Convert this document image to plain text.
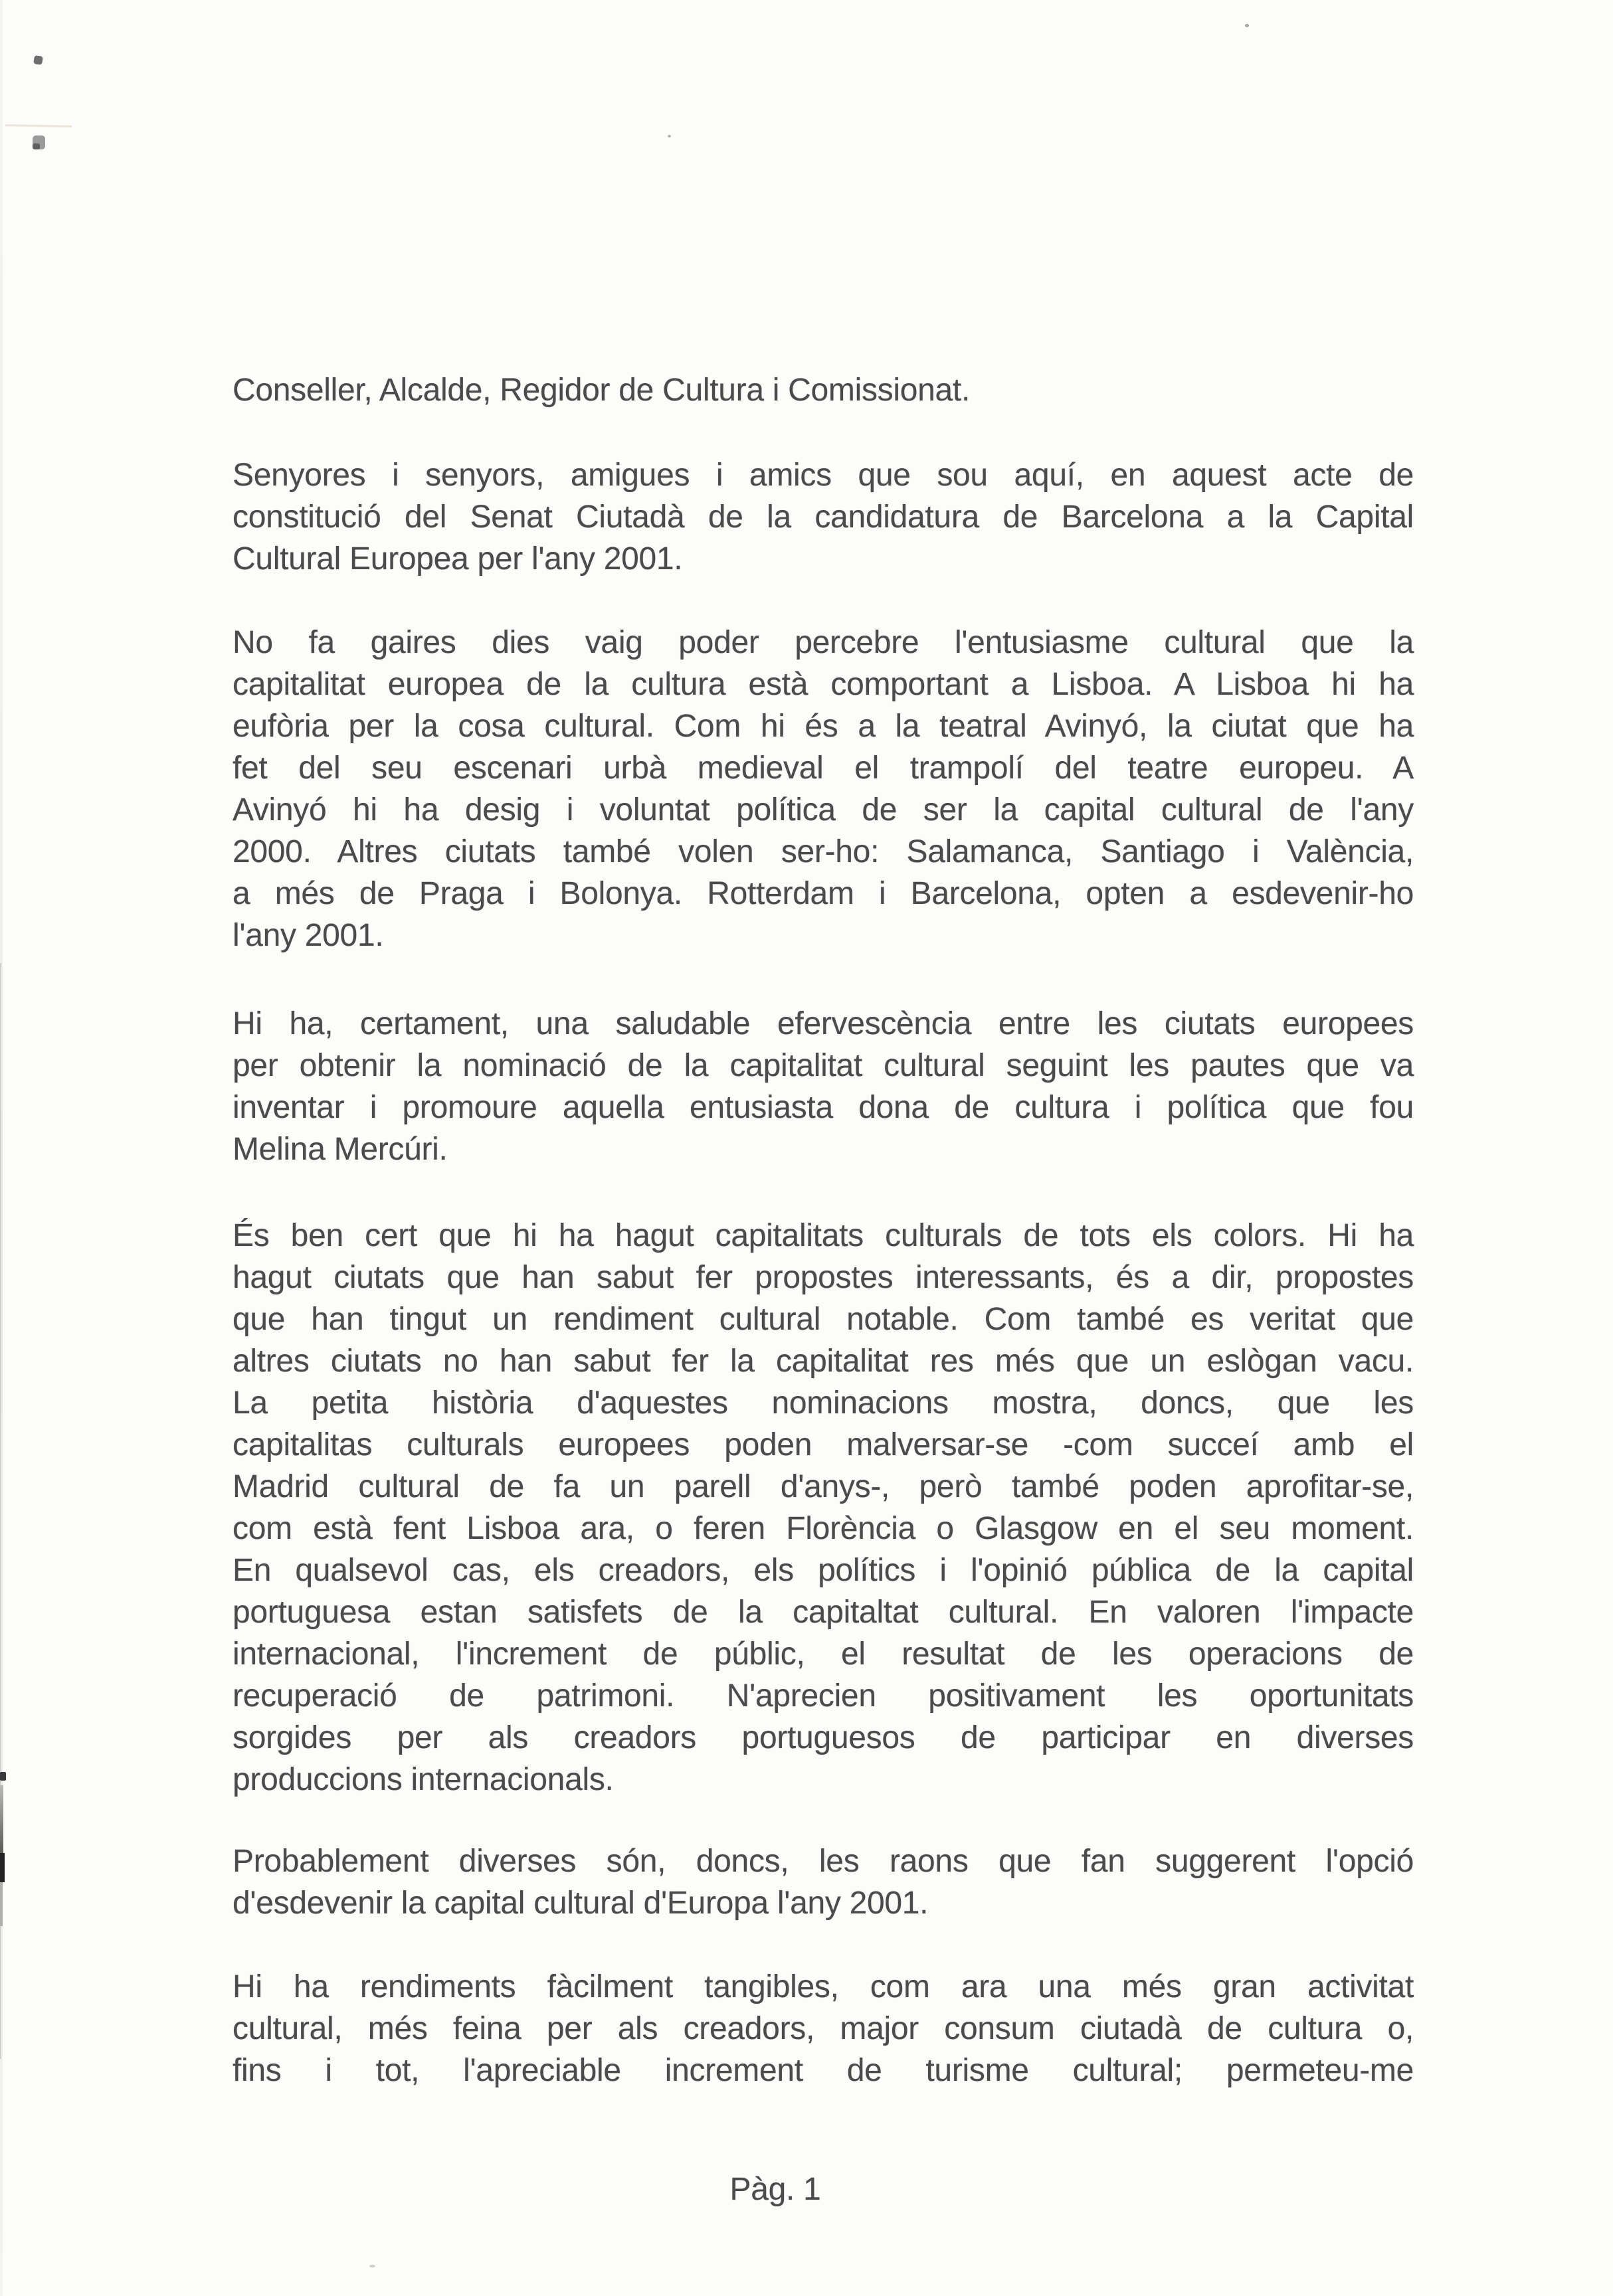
Conseller, Alcalde, Regidor de Cultura i Comissionat.
Senyores i senyors, amigues i amics que sou aquí, en aquest acte de
constitució del Senat Ciutadà de la candidatura de Barcelona a la Capital
Cultural Europea per l'any 2001.
No fa gaires dies vaig poder percebre l'entusiasme cultural que la
capitalitat europea de la cultura està comportant a Lisboa. A Lisboa hi ha
eufòria per la cosa cultural. Com hi és a la teatral Avinyó, la ciutat que ha
fet del seu escenari urbà medieval el trampolí del teatre europeu. A
Avinyó hi ha desig i voluntat política de ser la capital cultural de l'any
2000. Altres ciutats també volen ser-ho: Salamanca, Santiago i València,
a més de Praga i Bolonya. Rotterdam i Barcelona, opten a esdevenir-ho
l'any 2001.
Hi ha, certament, una saludable efervescència entre les ciutats europees
per obtenir la nominació de la capitalitat cultural seguint les pautes que va
inventar i promoure aquella entusiasta dona de cultura i política que fou
Melina Mercúri.
És ben cert que hi ha hagut capitalitats culturals de tots els colors. Hi ha
hagut ciutats que han sabut fer propostes interessants, és a dir, propostes
que han tingut un rendiment cultural notable. Com també es veritat que
altres ciutats no han sabut fer la capitalitat res més que un eslògan vacu.
La petita història d'aquestes nominacions mostra, doncs, que les
capitalitas culturals europees poden malversar-se -com succeí amb el
Madrid cultural de fa un parell d'anys-, però també poden aprofitar-se,
com està fent Lisboa ara, o feren Florència o Glasgow en el seu moment.
En qualsevol cas, els creadors, els polítics i l'opinió pública de la capital
portuguesa estan satisfets de la capitaltat cultural. En valoren l'impacte
internacional, l'increment de públic, el resultat de les operacions de
recuperació de patrimoni. N'aprecien positivament les oportunitats
sorgides per als creadors portuguesos de participar en diverses
produccions internacionals.
Probablement diverses són, doncs, les raons que fan suggerent l'opció
d'esdevenir la capital cultural d'Europa l'any 2001.
Hi ha rendiments fàcilment tangibles, com ara una més gran activitat
cultural, més feina per als creadors, major consum ciutadà de cultura o,
fins i tot, l'apreciable increment de turisme cultural; permeteu-me
Pàg. 1
